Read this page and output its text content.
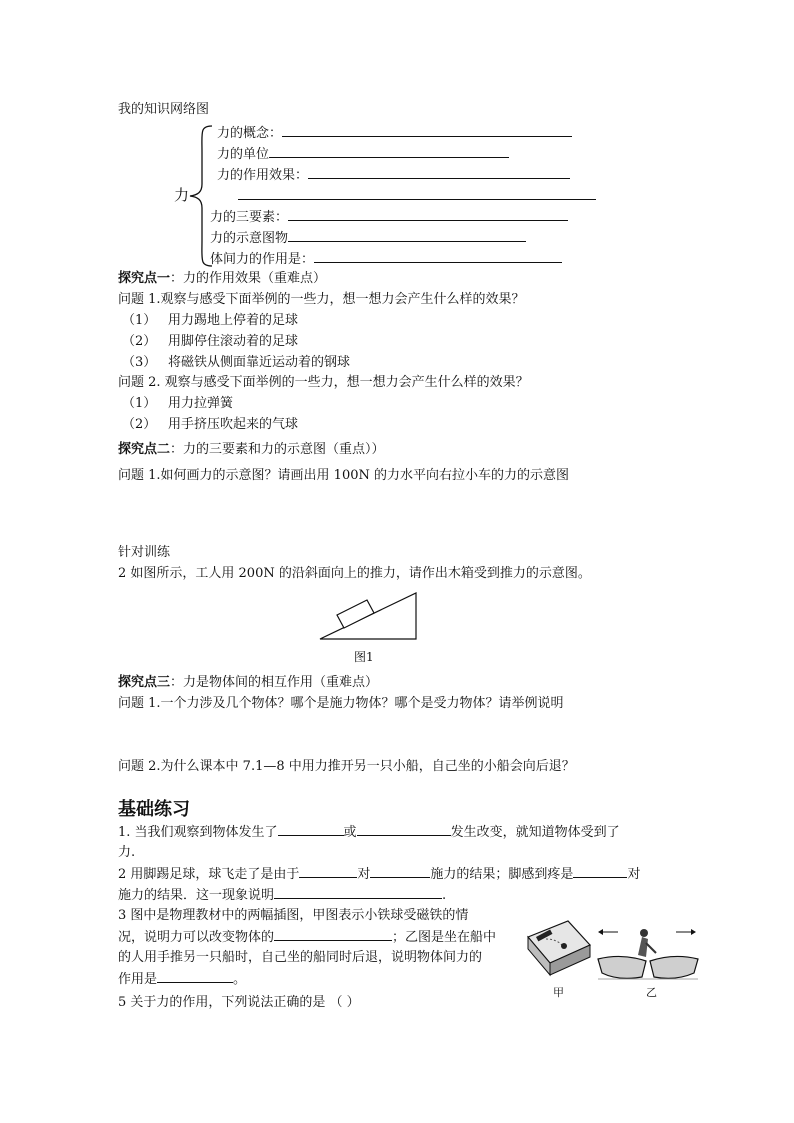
我的知识网络图
力
力的概念：
力的单位
力的作用效果：
力的三要素：
力的示意图物
体间力的作用是：
探究点一：力的作用效果（重难点）
问题 1.观察与感受下面举例的一些力，想一想力会产生什么样的效果？
（1） 用力踢地上停着的足球
（2） 用脚停住滚动着的足球
（3） 将磁铁从侧面靠近运动着的钢球
问题 2. 观察与感受下面举例的一些力，想一想力会产生什么样的效果？
（1） 用力拉弹簧
（2） 用手挤压吹起来的气球
探究点二：力的三要素和力的示意图（重点））
问题 1.如何画力的示意图？请画出用 100N 的力水平向右拉小车的力的示意图
针对训练
2 如图所示，工人用 200N 的沿斜面向上的推力，请作出木箱受到推力的示意图。
图1
探究点三：力是物体间的相互作用（重难点）
问题 1.一个力涉及几个物体？哪个是施力物体？哪个是受力物体？请举例说明
问题 2.为什么课本中 7.1—8 中用力推开另一只小船，自己坐的小船会向后退？
基础练习
1. 当我们观察到物体发生了	或	发生改变，就知道物体受到了
力.
2 用脚踢足球，球飞走了是由于	对	施力的结果；脚感到疼是	对
施力的结果．这一现象说明	.
3 图中是物理教材中的两幅插图，甲图表示小铁球受磁铁的情
况，说明力可以改变物体的	；乙图是坐在船中
的人用手推另一只船时，自己坐的船同时后退，说明物体间力的
作用是	。
甲	乙
5 关于力的作用，下列说法正确的是 （ ）
